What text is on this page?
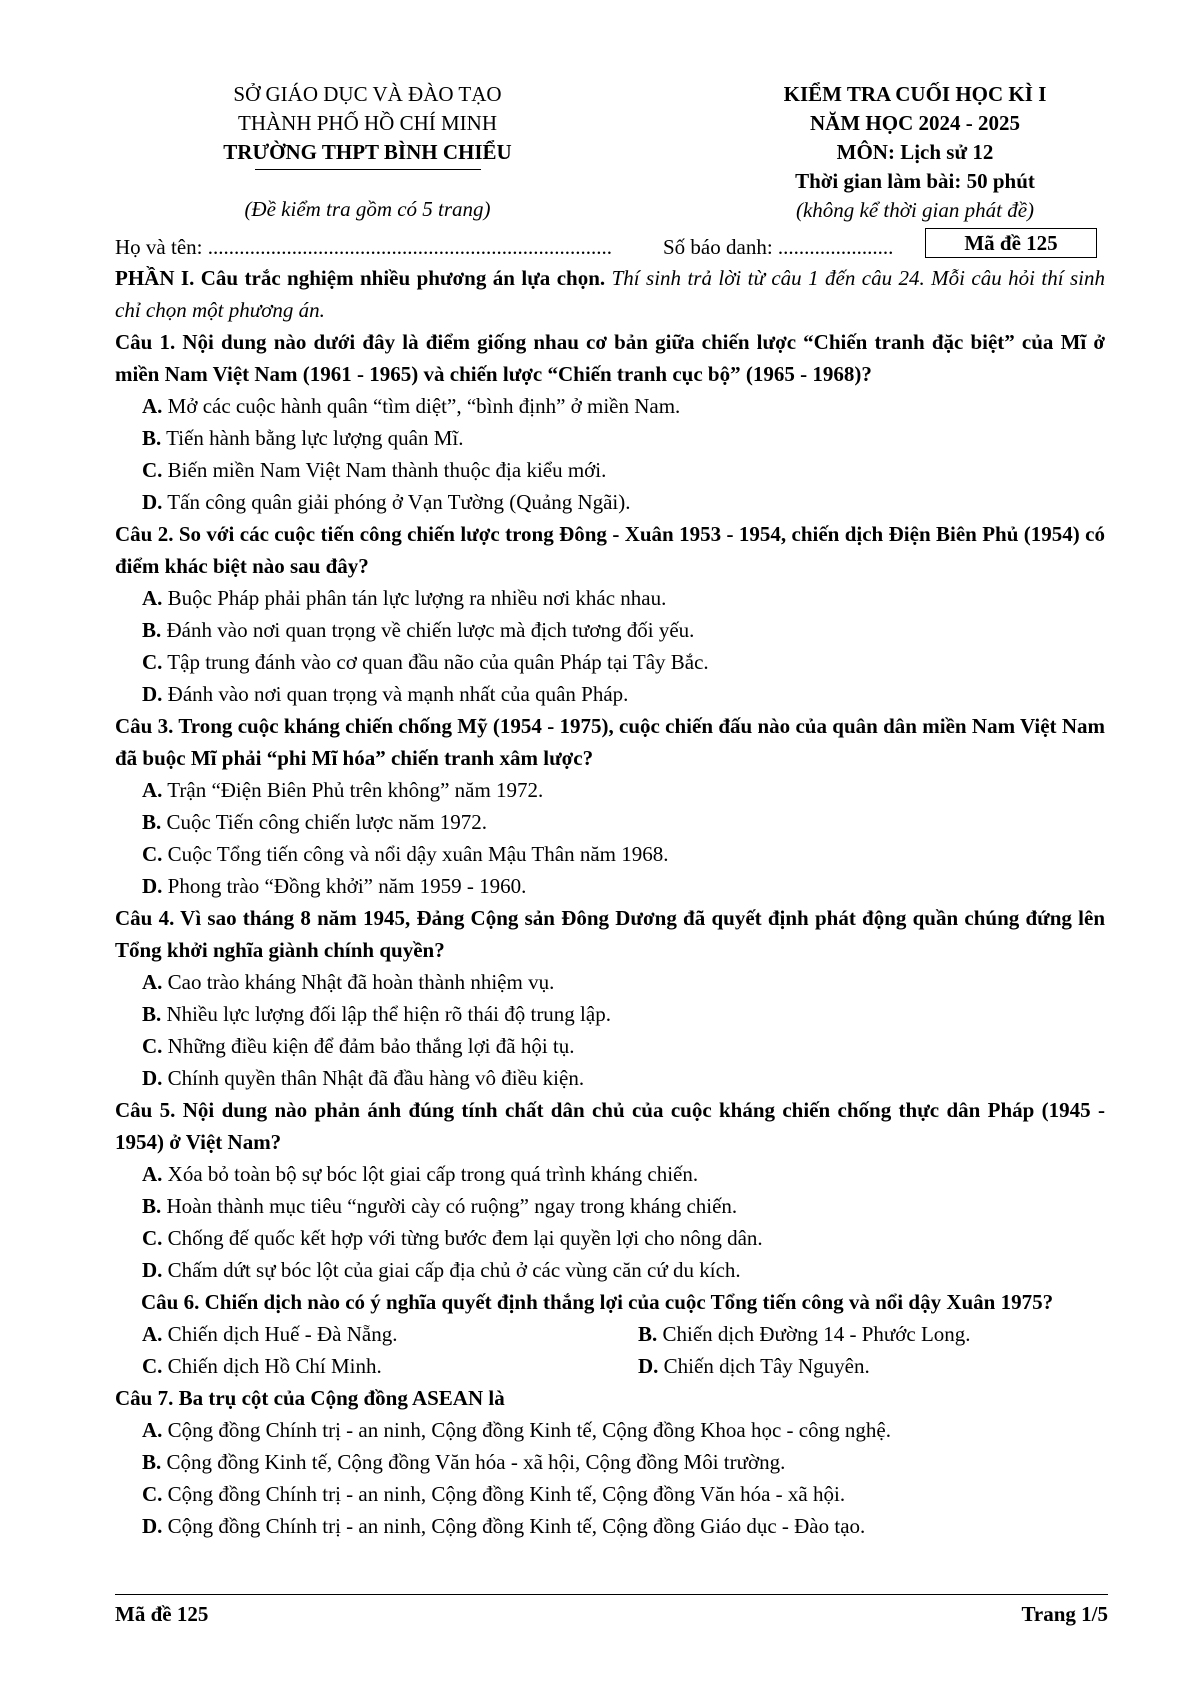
SỞ GIÁO DỤC VÀ ĐÀO TẠO
THÀNH PHỐ HỒ CHÍ MINH
TRƯỜNG THPT BÌNH CHIỂU
(Đề kiểm tra gồm có 5 trang)
KIỂM TRA CUỐI HỌC KÌ I
NĂM HỌC 2024 - 2025
MÔN: Lịch sử 12
Thời gian làm bài: 50 phút
(không kể thời gian phát đề)
Họ và tên: ............................................................................. Số báo danh: ......................	Mã đề 125
PHẦN I. Câu trắc nghiệm nhiều phương án lựa chọn. Thí sinh trả lời từ câu 1 đến câu 24. Mỗi câu hỏi thí sinh chỉ chọn một phương án.
Câu 1. Nội dung nào dưới đây là điểm giống nhau cơ bản giữa chiến lược “Chiến tranh đặc biệt” của Mĩ ở miền Nam Việt Nam (1961 - 1965) và chiến lược “Chiến tranh cục bộ” (1965 - 1968)?
A. Mở các cuộc hành quân “tìm diệt”, “bình định” ở miền Nam.
B. Tiến hành bằng lực lượng quân Mĩ.
C. Biến miền Nam Việt Nam thành thuộc địa kiểu mới.
D. Tấn công quân giải phóng ở Vạn Tường (Quảng Ngãi).
Câu 2. So với các cuộc tiến công chiến lược trong Đông - Xuân 1953 - 1954, chiến dịch Điện Biên Phủ (1954) có điểm khác biệt nào sau đây?
A. Buộc Pháp phải phân tán lực lượng ra nhiều nơi khác nhau.
B. Đánh vào nơi quan trọng về chiến lược mà địch tương đối yếu.
C. Tập trung đánh vào cơ quan đầu não của quân Pháp tại Tây Bắc.
D. Đánh vào nơi quan trọng và mạnh nhất của quân Pháp.
Câu 3. Trong cuộc kháng chiến chống Mỹ (1954 - 1975), cuộc chiến đấu nào của quân dân miền Nam Việt Nam đã buộc Mĩ phải “phi Mĩ hóa” chiến tranh xâm lược?
A. Trận “Điện Biên Phủ trên không” năm 1972.
B. Cuộc Tiến công chiến lược năm 1972.
C. Cuộc Tổng tiến công và nổi dậy xuân Mậu Thân năm 1968.
D. Phong trào “Đồng khởi” năm 1959 - 1960.
Câu 4. Vì sao tháng 8 năm 1945, Đảng Cộng sản Đông Dương đã quyết định phát động quần chúng đứng lên Tổng khởi nghĩa giành chính quyền?
A. Cao trào kháng Nhật đã hoàn thành nhiệm vụ.
B. Nhiều lực lượng đối lập thể hiện rõ thái độ trung lập.
C. Những điều kiện để đảm bảo thắng lợi đã hội tụ.
D. Chính quyền thân Nhật đã đầu hàng vô điều kiện.
Câu 5. Nội dung nào phản ánh đúng tính chất dân chủ của cuộc kháng chiến chống thực dân Pháp (1945 - 1954) ở Việt Nam?
A. Xóa bỏ toàn bộ sự bóc lột giai cấp trong quá trình kháng chiến.
B. Hoàn thành mục tiêu “người cày có ruộng” ngay trong kháng chiến.
C. Chống đế quốc kết hợp với từng bước đem lại quyền lợi cho nông dân.
D. Chấm dứt sự bóc lột của giai cấp địa chủ ở các vùng căn cứ du kích.
Câu 6. Chiến dịch nào có ý nghĩa quyết định thắng lợi của cuộc Tổng tiến công và nổi dậy Xuân 1975?
A. Chiến dịch Huế - Đà Nẵng.	B. Chiến dịch Đường 14 - Phước Long.
C. Chiến dịch Hồ Chí Minh.	D. Chiến dịch Tây Nguyên.
Câu 7. Ba trụ cột của Cộng đồng ASEAN là
A. Cộng đồng Chính trị - an ninh, Cộng đồng Kinh tế, Cộng đồng Khoa học - công nghệ.
B. Cộng đồng Kinh tế, Cộng đồng Văn hóa - xã hội, Cộng đồng Môi trường.
C. Cộng đồng Chính trị - an ninh, Cộng đồng Kinh tế, Cộng đồng Văn hóa - xã hội.
D. Cộng đồng Chính trị - an ninh, Cộng đồng Kinh tế, Cộng đồng Giáo dục - Đào tạo.
Mã đề 125	Trang 1/5
